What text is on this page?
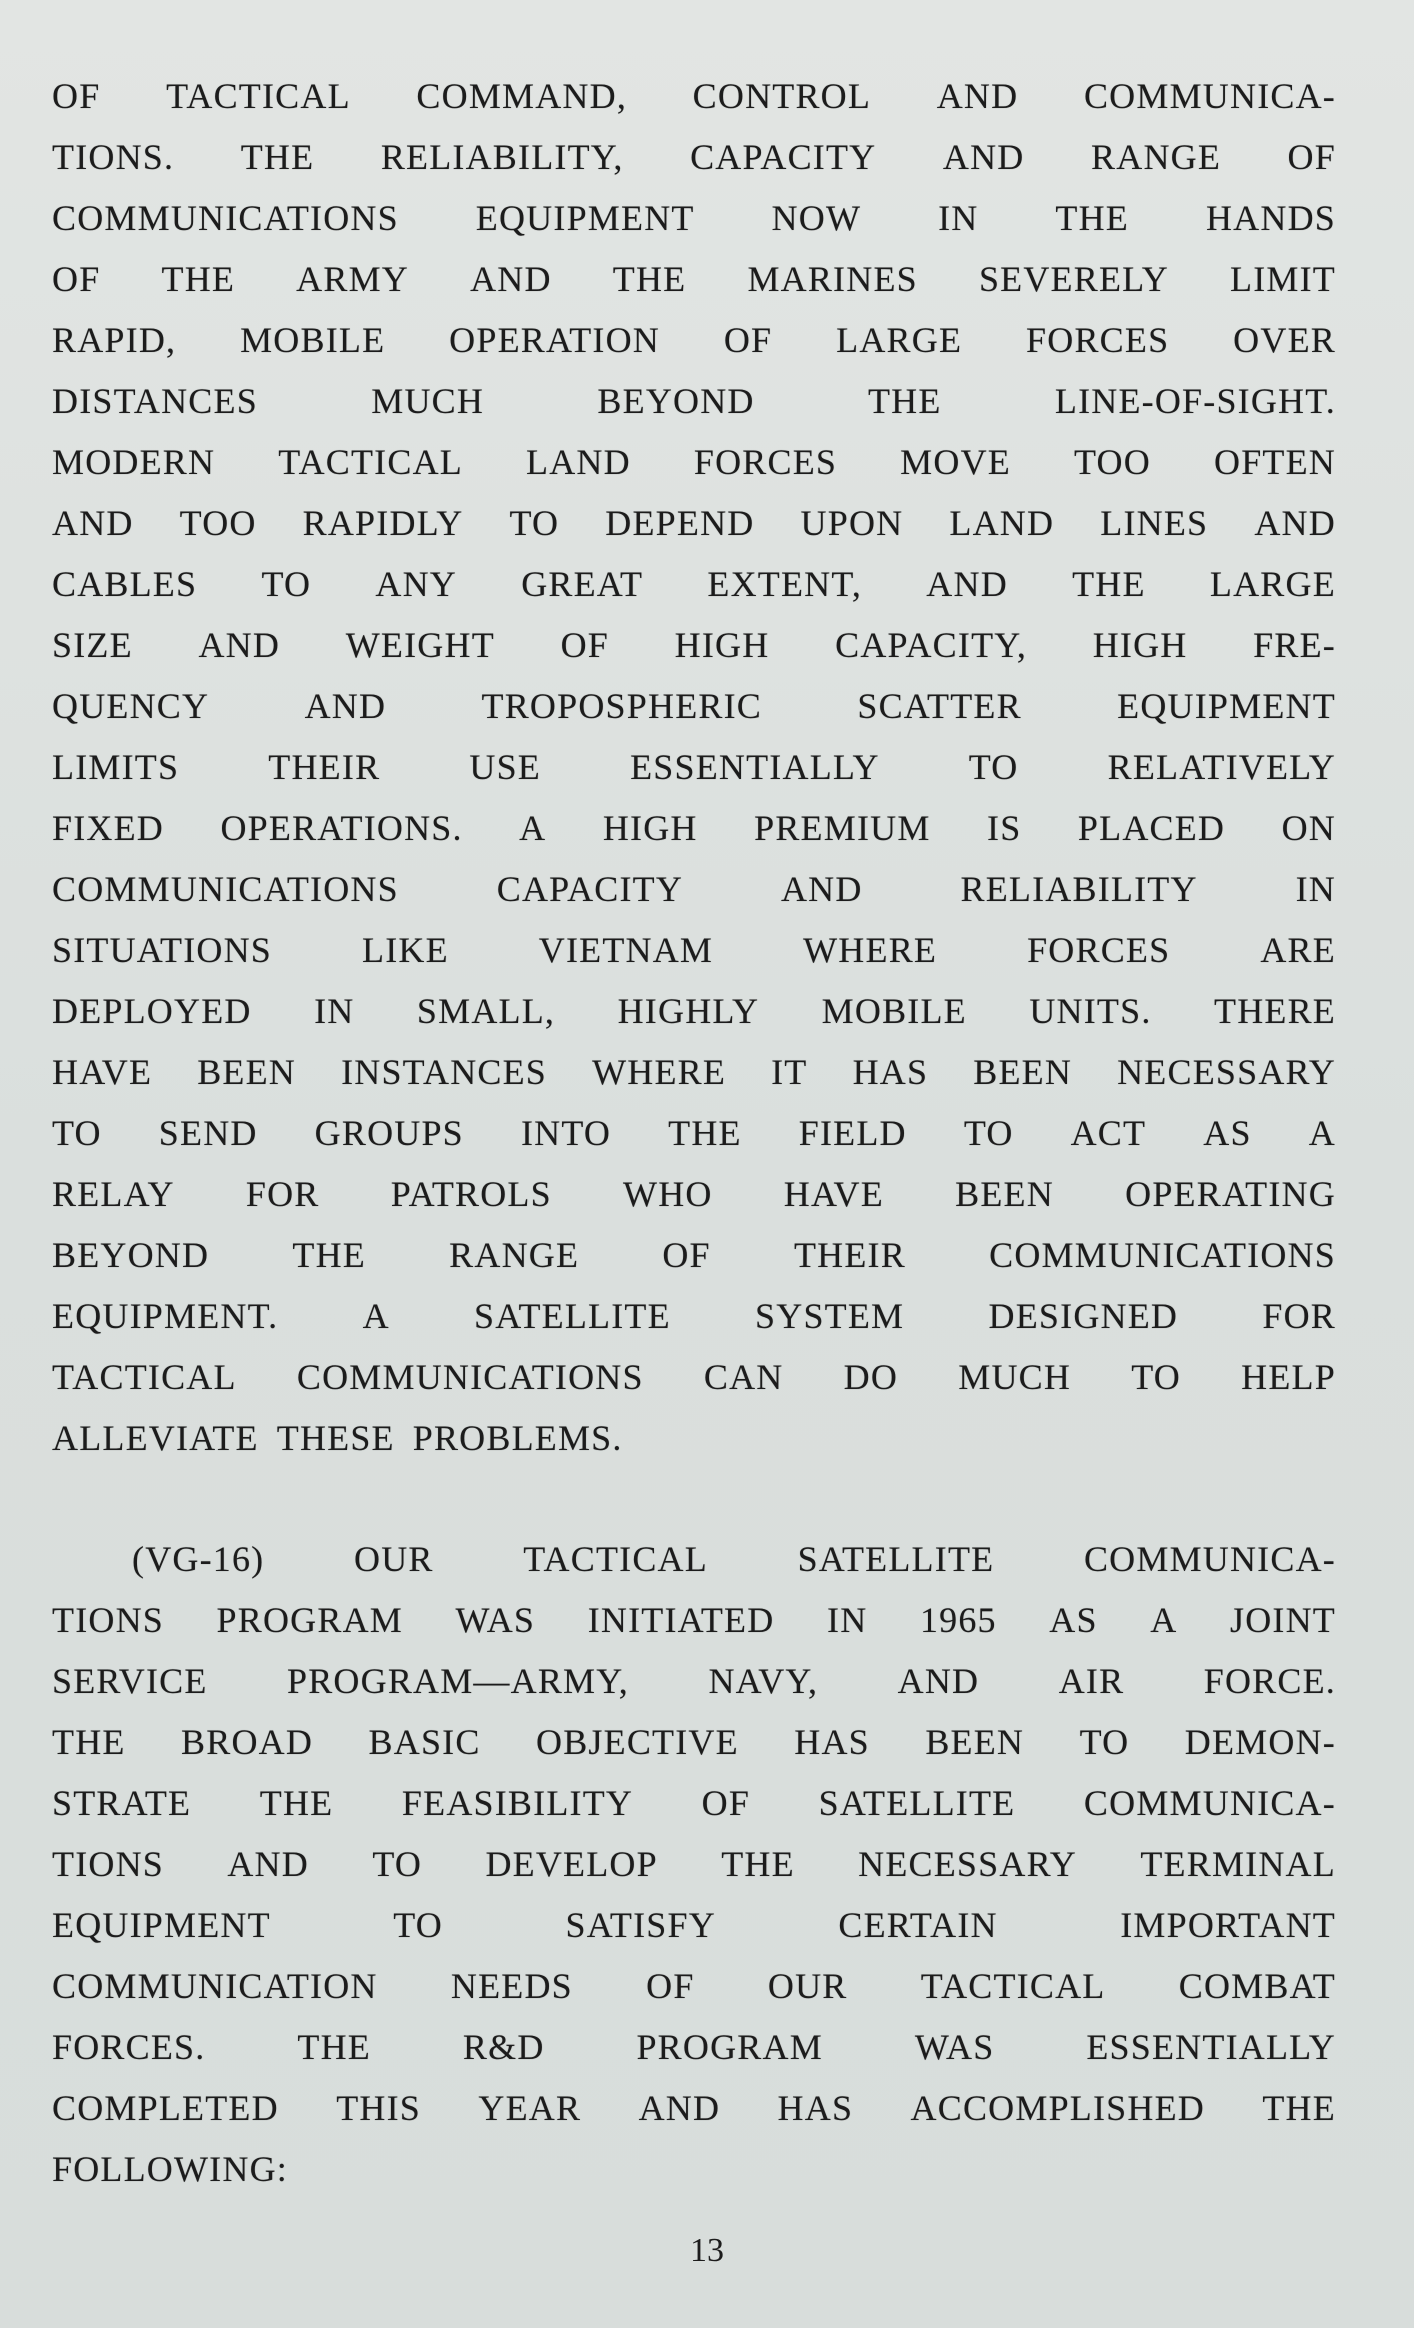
OF TACTICAL COMMAND, CONTROL AND COMMUNICA-
TIONS. THE RELIABILITY, CAPACITY AND RANGE OF
COMMUNICATIONS EQUIPMENT NOW IN THE HANDS
OF THE ARMY AND THE MARINES SEVERELY LIMIT
RAPID, MOBILE OPERATION OF LARGE FORCES OVER
DISTANCES	MUCH	BEYOND	THE	LINE-OF-SIGHT.
MODERN TACTICAL LAND FORCES MOVE TOO OFTEN
AND TOO RAPIDLY TO DEPEND UPON LAND LINES AND
CABLES TO ANY GREAT EXTENT, AND THE LARGE
SIZE AND WEIGHT OF HIGH CAPACITY, HIGH FRE-
QUENCY	AND	TROPOSPHERIC	SCATTER	EQUIPMENT
LIMITS THEIR USE ESSENTIALLY TO RELATIVELY
FIXED OPERATIONS. A HIGH PREMIUM IS PLACED ON
COMMUNICATIONS	CAPACITY	AND	RELIABILITY	IN
SITUATIONS LIKE VIETNAM WHERE FORCES ARE
DEPLOYED IN SMALL, HIGHLY MOBILE UNITS. THERE
HAVE BEEN INSTANCES WHERE IT HAS BEEN NECESSARY
TO SEND GROUPS INTO THE FIELD TO ACT AS A
RELAY FOR PATROLS WHO HAVE BEEN OPERATING
BEYOND THE RANGE OF THEIR COMMUNICATIONS
EQUIPMENT. A SATELLITE SYSTEM DESIGNED FOR
TACTICAL COMMUNICATIONS CAN DO MUCH TO HELP
ALLEVIATE THESE PROBLEMS.
(VG-16) OUR TACTICAL SATELLITE COMMUNICA-
TIONS PROGRAM WAS INITIATED IN 1965 AS A JOINT
SERVICE PROGRAM—ARMY, NAVY, AND AIR FORCE.
THE BROAD BASIC OBJECTIVE HAS BEEN TO DEMON-
STRATE THE FEASIBILITY OF SATELLITE COMMUNICA-
TIONS AND TO DEVELOP THE NECESSARY TERMINAL
EQUIPMENT	TO	SATISFY	CERTAIN	IMPORTANT
COMMUNICATION NEEDS OF OUR TACTICAL COMBAT
FORCES.	THE	R&D	PROGRAM	WAS	ESSENTIALLY
COMPLETED THIS YEAR AND HAS ACCOMPLISHED THE
FOLLOWING:
13
